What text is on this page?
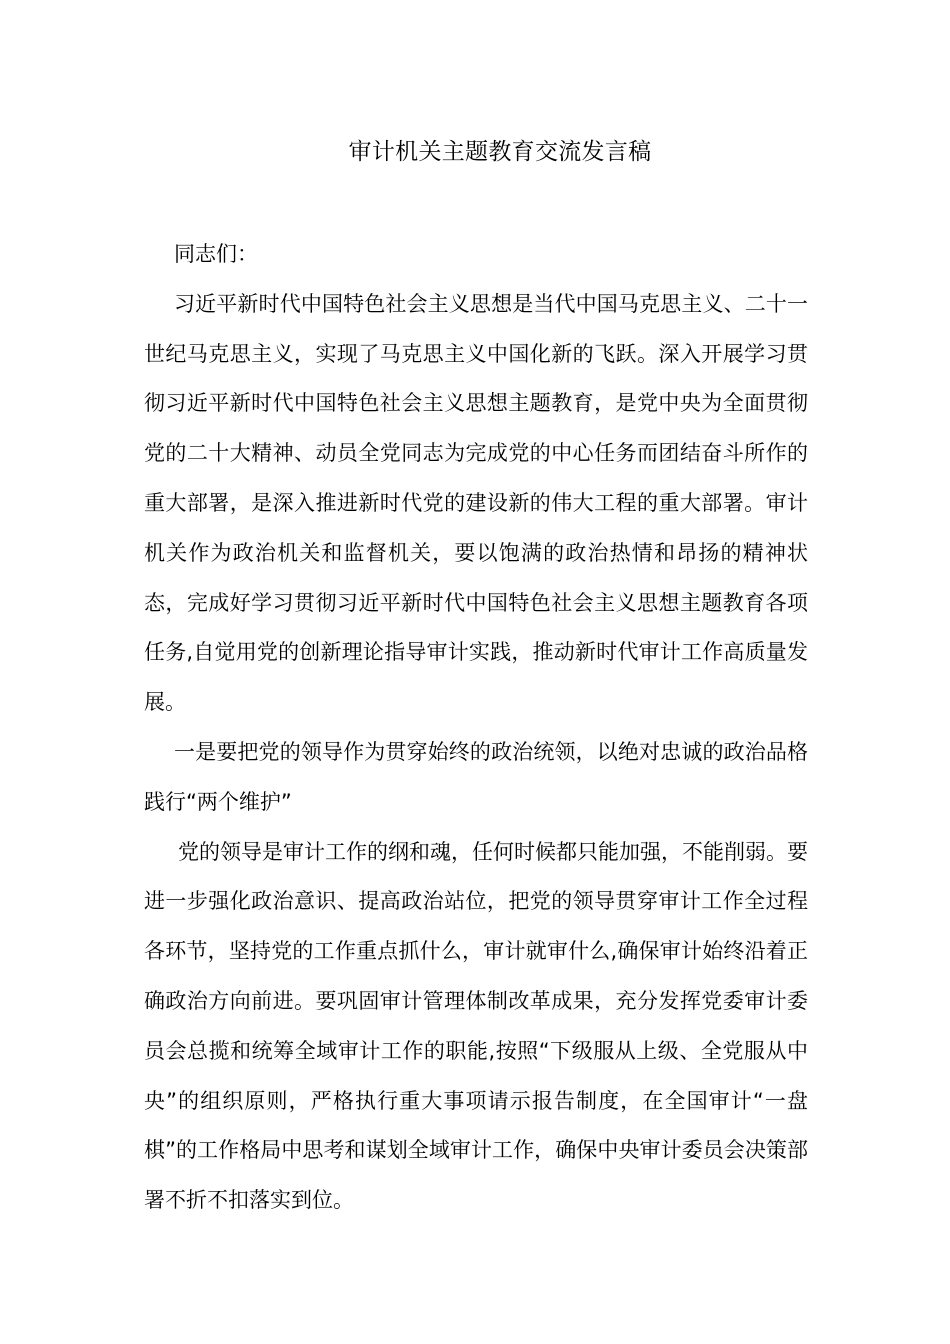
审计机关主题教育交流发言稿

同志们：

习近平新时代中国特色社会主义思想是当代中国马克思主义、二十一世纪马克思主义，实现了马克思主义中国化新的飞跃。深入开展学习贯彻习近平新时代中国特色社会主义思想主题教育，是党中央为全面贯彻党的二十大精神、动员全党同志为完成党的中心任务而团结奋斗所作的重大部署，是深入推进新时代党的建设新的伟大工程的重大部署。审计机关作为政治机关和监督机关，要以饱满的政治热情和昂扬的精神状态，完成好学习贯彻习近平新时代中国特色社会主义思想主题教育各项任务,自觉用党的创新理论指导审计实践，推动新时代审计工作高质量发展。

一是要把党的领导作为贯穿始终的政治统领，以绝对忠诚的政治品格践行“两个维护”

党的领导是审计工作的纲和魂，任何时候都只能加强，不能削弱。要进一步强化政治意识、提高政治站位，把党的领导贯穿审计工作全过程各环节，坚持党的工作重点抓什么，审计就审什么,确保审计始终沿着正确政治方向前进。要巩固审计管理体制改革成果，充分发挥党委审计委员会总揽和统筹全域审计工作的职能,按照“下级服从上级、全党服从中央”的组织原则，严格执行重大事项请示报告制度，在全国审计“一盘棋”的工作格局中思考和谋划全域审计工作，确保中央审计委员会决策部署不折不扣落实到位。
